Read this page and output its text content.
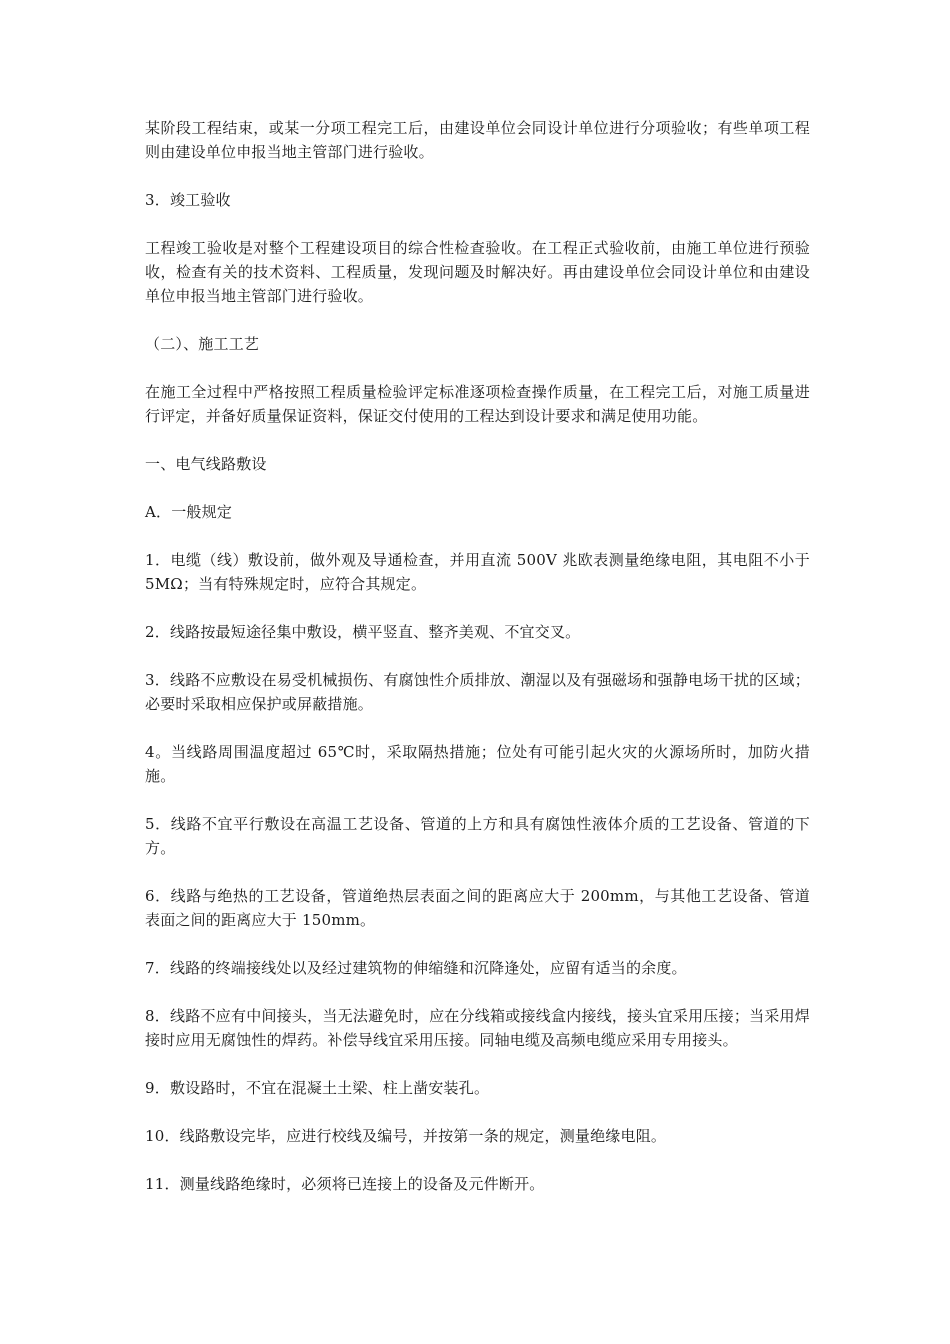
某阶段工程结束，或某一分项工程完工后，由建设单位会同设计单位进行分项验收；有些单项工程则由建设单位申报当地主管部门进行验收。

3．竣工验收

工程竣工验收是对整个工程建设项目的综合性检查验收。在工程正式验收前，由施工单位进行预验收，检查有关的技术资料、工程质量，发现问题及时解决好。再由建设单位会同设计单位和由建设单位申报当地主管部门进行验收。

（二）、施工工艺

在施工全过程中严格按照工程质量检验评定标准逐项检查操作质量，在工程完工后，对施工质量进行评定，并备好质量保证资料，保证交付使用的工程达到设计要求和满足使用功能。

一、电气线路敷设

A．一般规定

1．电缆（线）敷设前，做外观及导通检查，并用直流 500V 兆欧表测量绝缘电阻，其电阻不小于 5MΩ；当有特殊规定时，应符合其规定。

2．线路按最短途径集中敷设，横平竖直、整齐美观、不宜交叉。

3．线路不应敷设在易受机械损伤、有腐蚀性介质排放、潮湿以及有强磁场和强静电场干扰的区域；必要时采取相应保护或屏蔽措施。

4。当线路周围温度超过 65℃时，采取隔热措施；位处有可能引起火灾的火源场所时，加防火措施。

5．线路不宜平行敷设在高温工艺设备、管道的上方和具有腐蚀性液体介质的工艺设备、管道的下方。

6．线路与绝热的工艺设备，管道绝热层表面之间的距离应大于 200mm，与其他工艺设备、管道表面之间的距离应大于 150mm。

7．线路的终端接线处以及经过建筑物的伸缩缝和沉降逢处，应留有适当的余度。

8．线路不应有中间接头，当无法避免时，应在分线箱或接线盒内接线，接头宜采用压接；当采用焊接时应用无腐蚀性的焊药。补偿导线宜采用压接。同轴电缆及高频电缆应采用专用接头。

9．敷设路时，不宜在混凝土土梁、柱上凿安装孔。

10．线路敷设完毕，应进行校线及编号，并按第一条的规定，测量绝缘电阻。

11．测量线路绝缘时，必须将已连接上的设备及元件断开。
